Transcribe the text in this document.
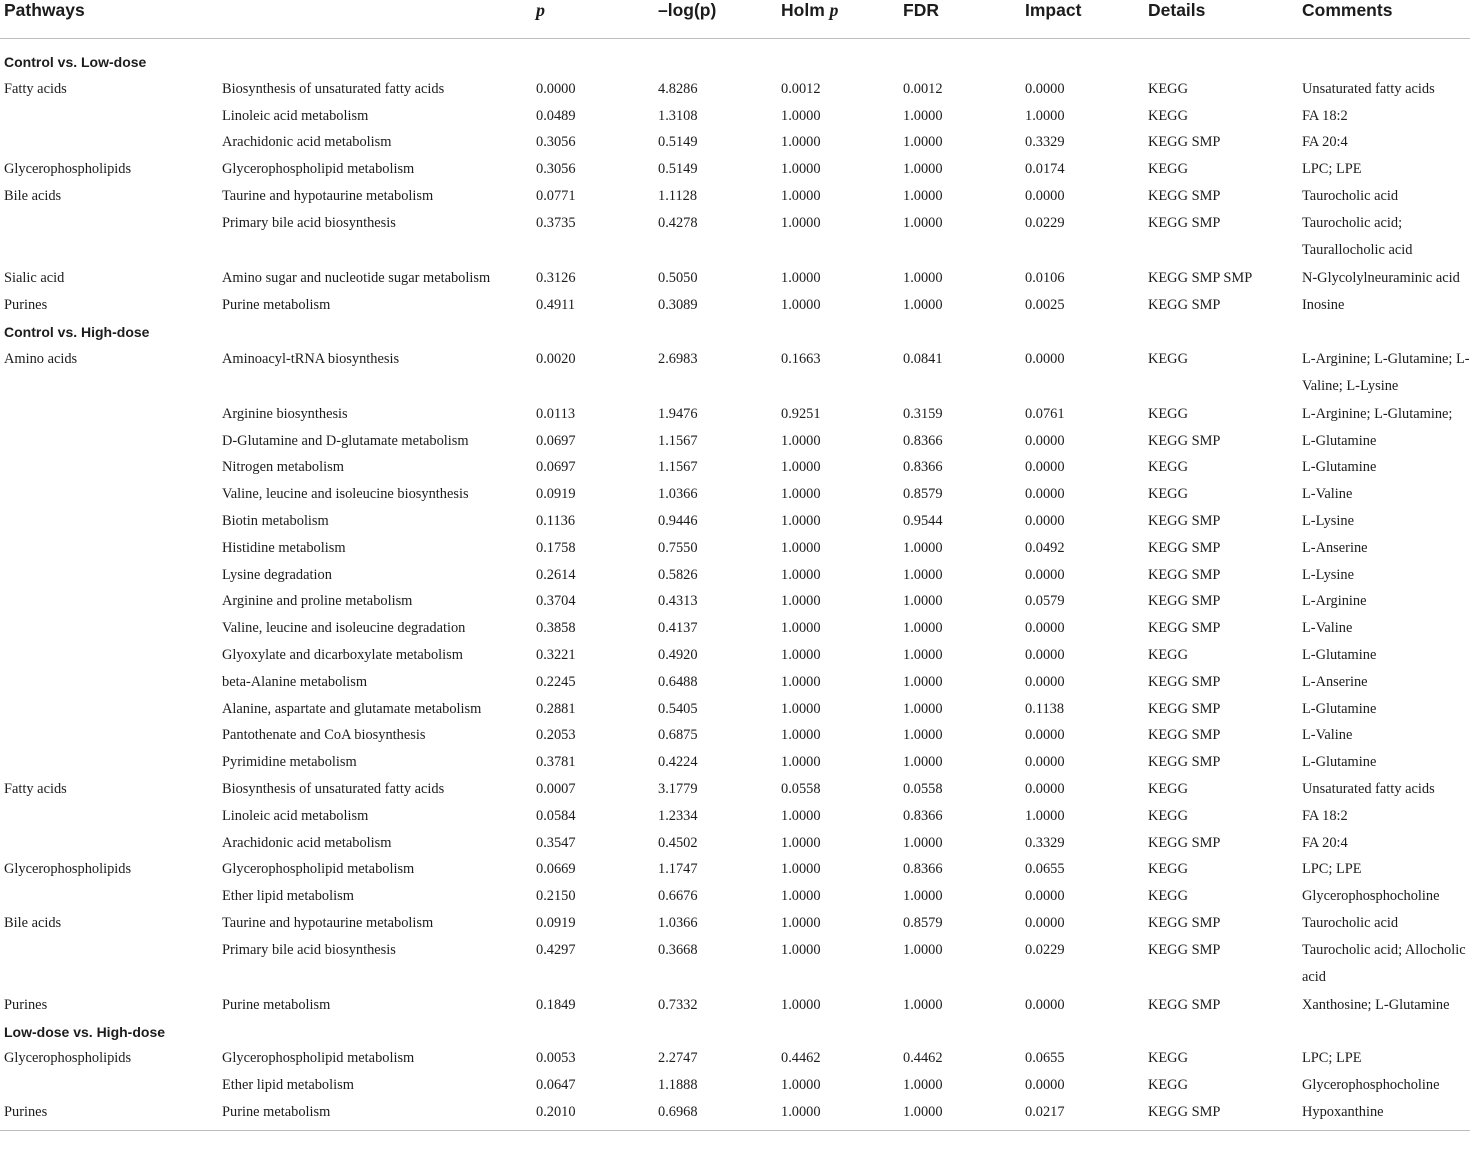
Pathways		p	–log(p)	Holm p	FDR	Impact	Details	Comments
Control vs. Low-dose								
Fatty acids	Biosynthesis of unsaturated fatty acids	0.0000	4.8286	0.0012	0.0012	0.0000	KEGG	Unsaturated fatty acids
	Linoleic acid metabolism	0.0489	1.3108	1.0000	1.0000	1.0000	KEGG	FA 18:2
	Arachidonic acid metabolism	0.3056	0.5149	1.0000	1.0000	0.3329	KEGG SMP	FA 20:4
Glycerophospholipids	Glycerophospholipid metabolism	0.3056	0.5149	1.0000	1.0000	0.0174	KEGG	LPC; LPE
Bile acids	Taurine and hypotaurine metabolism	0.0771	1.1128	1.0000	1.0000	0.0000	KEGG SMP	Taurocholic acid
	Primary bile acid biosynthesis	0.3735	0.4278	1.0000	1.0000	0.0229	KEGG SMP	Taurocholic acid; Taurallocholic acid
Sialic acid	Amino sugar and nucleotide sugar metabolism	0.3126	0.5050	1.0000	1.0000	0.0106	KEGG SMP SMP	N-Glycolylneuraminic acid
Purines	Purine metabolism	0.4911	0.3089	1.0000	1.0000	0.0025	KEGG SMP	Inosine
Control vs. High-dose								
Amino acids	Aminoacyl-tRNA biosynthesis	0.0020	2.6983	0.1663	0.0841	0.0000	KEGG	L-Arginine; L-Glutamine; L-Valine; L-Lysine
	Arginine biosynthesis	0.0113	1.9476	0.9251	0.3159	0.0761	KEGG	L-Arginine; L-Glutamine;
	D-Glutamine and D-glutamate metabolism	0.0697	1.1567	1.0000	0.8366	0.0000	KEGG SMP	L-Glutamine
	Nitrogen metabolism	0.0697	1.1567	1.0000	0.8366	0.0000	KEGG	L-Glutamine
	Valine, leucine and isoleucine biosynthesis	0.0919	1.0366	1.0000	0.8579	0.0000	KEGG	L-Valine
	Biotin metabolism	0.1136	0.9446	1.0000	0.9544	0.0000	KEGG SMP	L-Lysine
	Histidine metabolism	0.1758	0.7550	1.0000	1.0000	0.0492	KEGG SMP	L-Anserine
	Lysine degradation	0.2614	0.5826	1.0000	1.0000	0.0000	KEGG SMP	L-Lysine
	Arginine and proline metabolism	0.3704	0.4313	1.0000	1.0000	0.0579	KEGG SMP	L-Arginine
	Valine, leucine and isoleucine degradation	0.3858	0.4137	1.0000	1.0000	0.0000	KEGG SMP	L-Valine
	Glyoxylate and dicarboxylate metabolism	0.3221	0.4920	1.0000	1.0000	0.0000	KEGG	L-Glutamine
	beta-Alanine metabolism	0.2245	0.6488	1.0000	1.0000	0.0000	KEGG SMP	L-Anserine
	Alanine, aspartate and glutamate metabolism	0.2881	0.5405	1.0000	1.0000	0.1138	KEGG SMP	L-Glutamine
	Pantothenate and CoA biosynthesis	0.2053	0.6875	1.0000	1.0000	0.0000	KEGG SMP	L-Valine
	Pyrimidine metabolism	0.3781	0.4224	1.0000	1.0000	0.0000	KEGG SMP	L-Glutamine
Fatty acids	Biosynthesis of unsaturated fatty acids	0.0007	3.1779	0.0558	0.0558	0.0000	KEGG	Unsaturated fatty acids
	Linoleic acid metabolism	0.0584	1.2334	1.0000	0.8366	1.0000	KEGG	FA 18:2
	Arachidonic acid metabolism	0.3547	0.4502	1.0000	1.0000	0.3329	KEGG SMP	FA 20:4
Glycerophospholipids	Glycerophospholipid metabolism	0.0669	1.1747	1.0000	0.8366	0.0655	KEGG	LPC; LPE
	Ether lipid metabolism	0.2150	0.6676	1.0000	1.0000	0.0000	KEGG	Glycerophosphocholine
Bile acids	Taurine and hypotaurine metabolism	0.0919	1.0366	1.0000	0.8579	0.0000	KEGG SMP	Taurocholic acid
	Primary bile acid biosynthesis	0.4297	0.3668	1.0000	1.0000	0.0229	KEGG SMP	Taurocholic acid; Allocholic acid
Purines	Purine metabolism	0.1849	0.7332	1.0000	1.0000	0.0000	KEGG SMP	Xanthosine; L-Glutamine
Low-dose vs. High-dose								
Glycerophospholipids	Glycerophospholipid metabolism	0.0053	2.2747	0.4462	0.4462	0.0655	KEGG	LPC; LPE
	Ether lipid metabolism	0.0647	1.1888	1.0000	1.0000	0.0000	KEGG	Glycerophosphocholine
Purines	Purine metabolism	0.2010	0.6968	1.0000	1.0000	0.0217	KEGG SMP	Hypoxanthine
